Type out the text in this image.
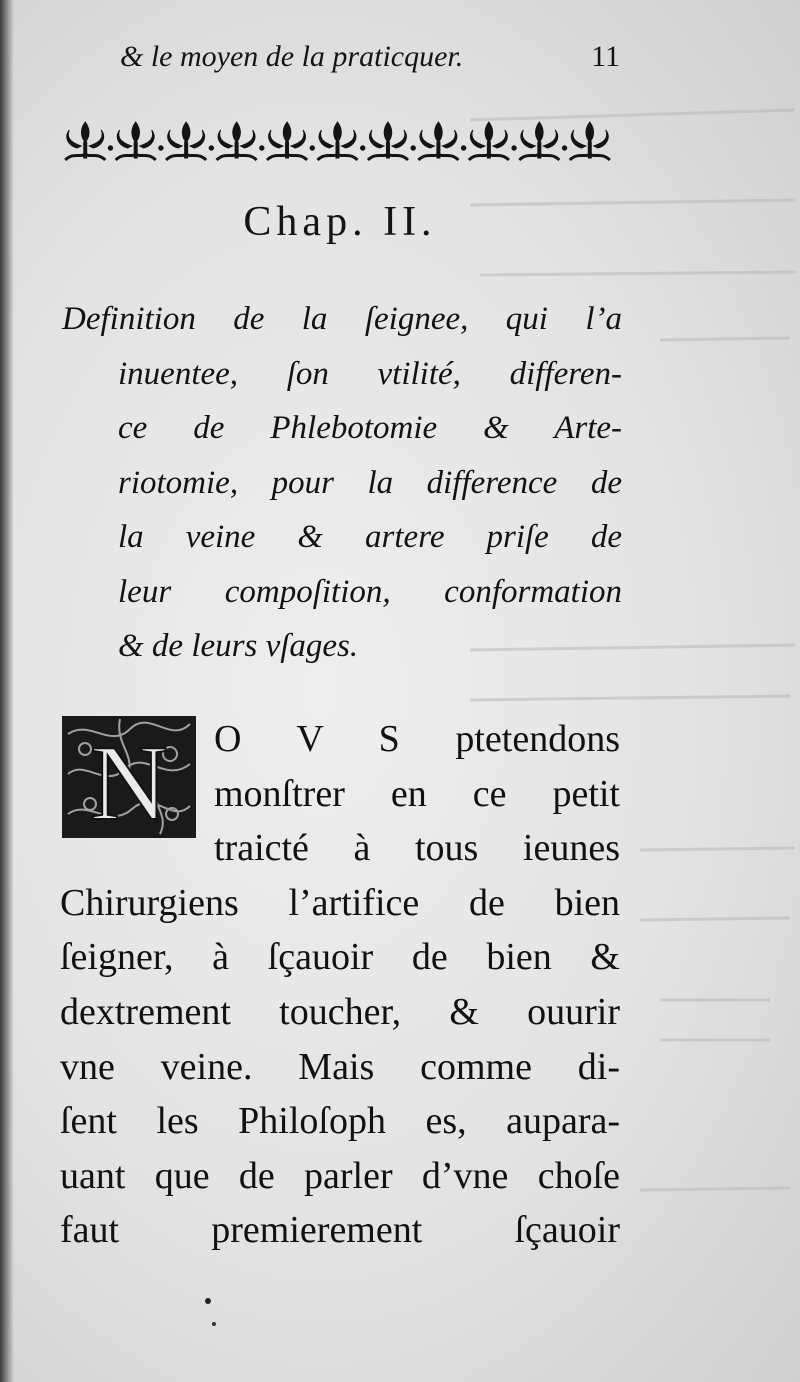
& le moyen de la praticquer.	11
Chap. II.
Definition de la ſeignee, qui l’a
inuentee, ſon vtilité, differen-
ce de Phlebotomie & Arte-
riotomie, pour la difference de
la veine & artere priſe de
leur compoſition, conformation
& de leurs vſages.
N O V S ptetendons
monſtrer en ce petit
traicté à tous ieunes
Chirurgiens l’artifice de bien
ſeigner, à ſçauoir de bien &
dextrement toucher, & ouurir
vne veine. Mais comme di-
ſent les Philoſoph es, aupara-
uant que de parler d’vne choſe
faut premierement ſçauoir
